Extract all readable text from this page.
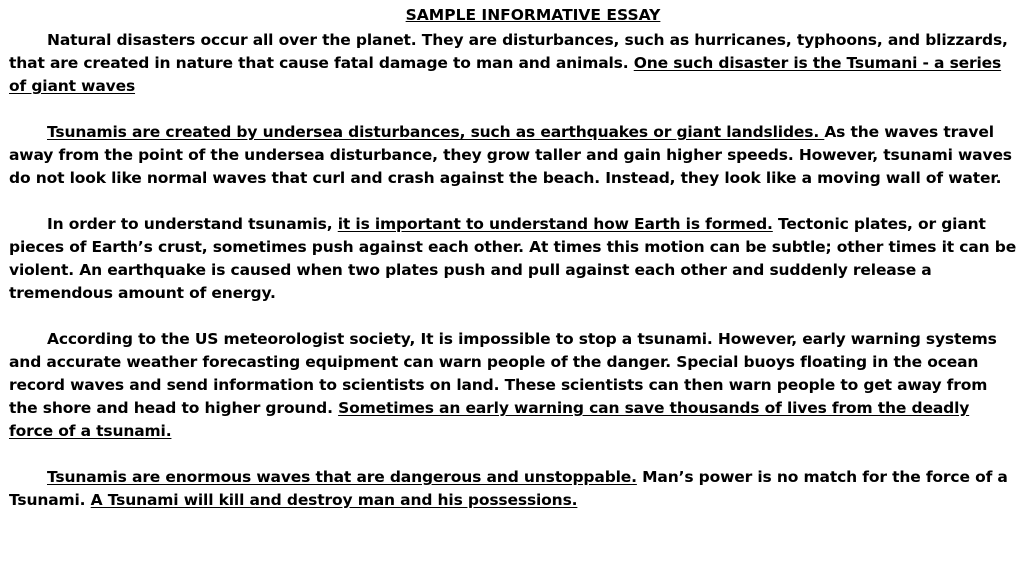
SAMPLE INFORMATIVE ESSAY

Natural disasters occur all over the planet. They are disturbances, such as hurricanes, typhoons, and blizzards, that are created in nature that cause fatal damage to man and animals. One such disaster is the Tsumani - a series of giant waves

Tsunamis are created by undersea disturbances, such as earthquakes or giant landslides. As the waves travel away from the point of the undersea disturbance, they grow taller and gain higher speeds. However, tsunami waves do not look like normal waves that curl and crash against the beach. Instead, they look like a moving wall of water.

In order to understand tsunamis, it is important to understand how Earth is formed. Tectonic plates, or giant pieces of Earth’s crust, sometimes push against each other. At times this motion can be subtle; other times it can be violent. An earthquake is caused when two plates push and pull against each other and suddenly release a tremendous amount of energy.

According to the US meteorologist society, It is impossible to stop a tsunami. However, early warning systems and accurate weather forecasting equipment can warn people of the danger. Special buoys floating in the ocean record waves and send information to scientists on land. These scientists can then warn people to get away from the shore and head to higher ground. Sometimes an early warning can save thousands of lives from the deadly force of a tsunami.

Tsunamis are enormous waves that are dangerous and unstoppable. Man’s power is no match for the force of a Tsunami. A Tsunami will kill and destroy man and his possessions.
